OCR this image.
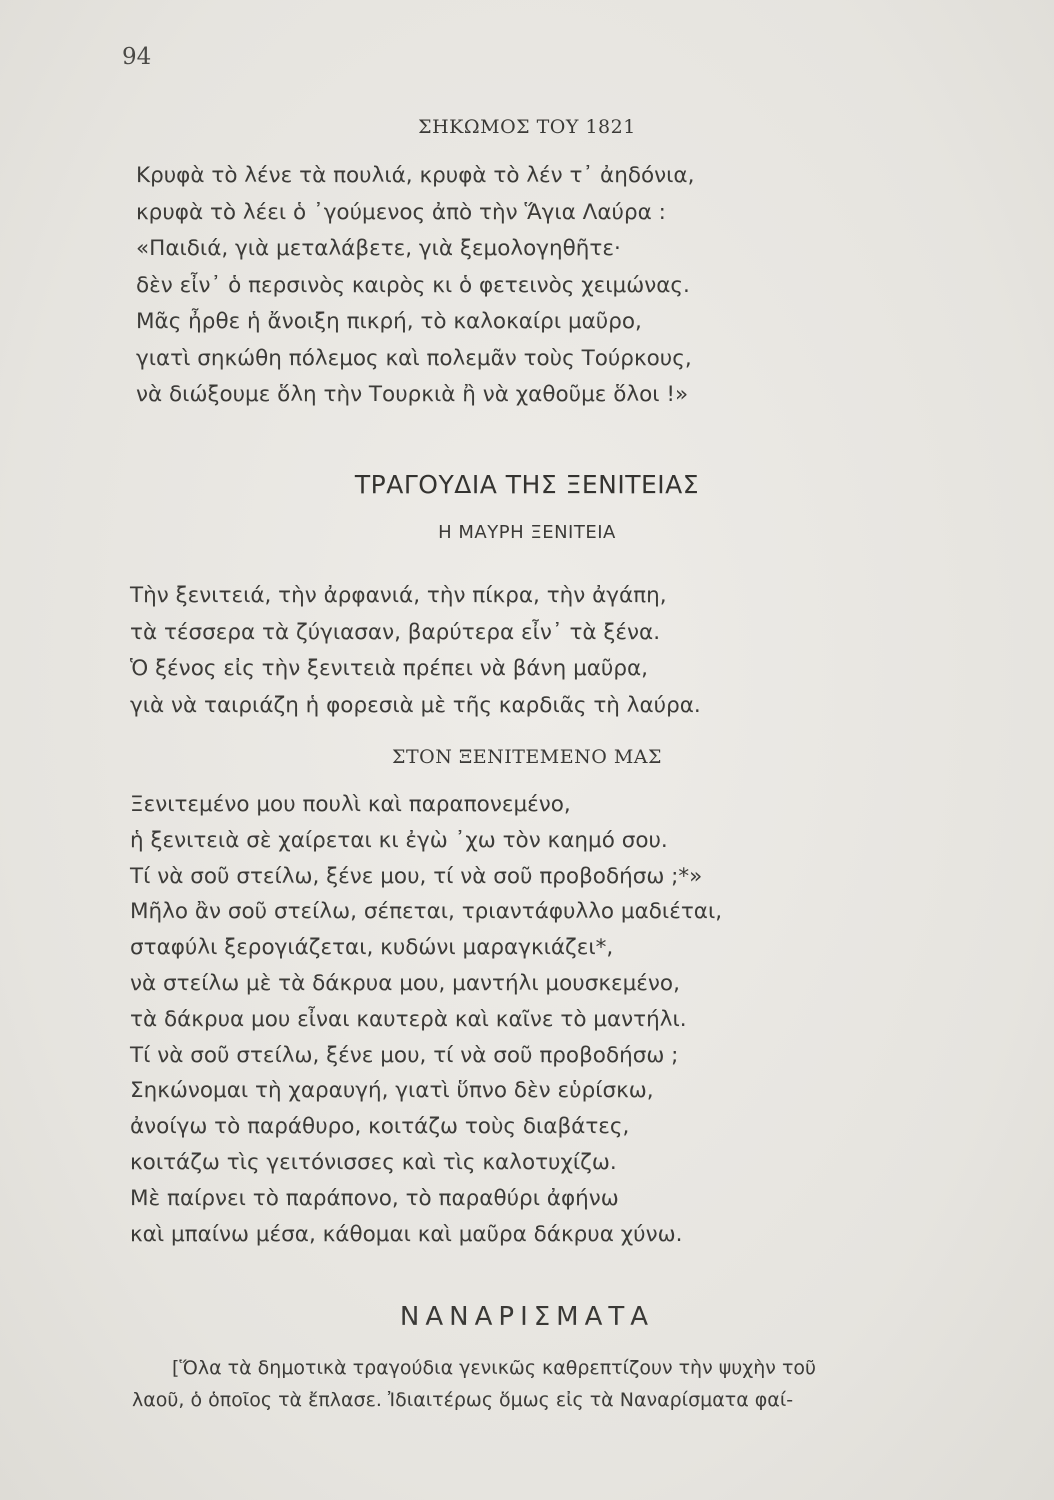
94
ΣΗΚΩΜΟΣ ΤΟΥ 1821
Κρυφὰ τὸ λένε τὰ πουλιά, κρυφὰ τὸ λέν τ᾽ ἀηδόνια,
κρυφὰ τὸ λέει ὁ ᾽γούμενος ἀπὸ τὴν Ἅγια Λαύρα :
«Παιδιά, γιὰ μεταλάβετε, γιὰ ξεμολογηθῆτε·
δὲν εἶν᾽ ὁ περσινὸς καιρὸς κι ὁ φετεινὸς χειμώνας.
Μᾶς ἦρθε ἡ ἄνοιξη πικρή, τὸ καλοκαίρι μαῦρο,
γιατὶ σηκώθη πόλεμος καὶ πολεμᾶν τοὺς Τούρκους,
νὰ διώξουμε ὅλη τὴν Τουρκιὰ ἢ νὰ χαθοῦμε ὅλοι !»
ΤΡΑΓΟΥΔΙΑ ΤΗΣ ΞΕΝΙΤΕΙΑΣ
Η ΜΑΥΡΗ ΞΕΝΙΤΕΙΑ
Τὴν ξενιτειά, τὴν ἀρφανιά, τὴν πίκρα, τὴν ἀγάπη,
τὰ τέσσερα τὰ ζύγιασαν, βαρύτερα εἶν᾽ τὰ ξένα.
Ὁ ξένος εἰς τὴν ξενιτειὰ πρέπει νὰ βάνη μαῦρα,
γιὰ νὰ ταιριάζη ἡ φορεσιὰ μὲ τῆς καρδιᾶς τὴ λαύρα.
ΣΤΟΝ ΞΕΝΙΤΕΜΕΝΟ ΜΑΣ
Ξενιτεμένο μου πουλὶ καὶ παραπονεμένο,
ἡ ξενιτειὰ σὲ χαίρεται κι ἐγὼ ᾽χω τὸν καημό σου.
Τί νὰ σοῦ στείλω, ξένε μου, τί νὰ σοῦ προβοδήσω ;*»
Μῆλο ἂν σοῦ στείλω, σέπεται, τριαντάφυλλο μαδιέται,
σταφύλι ξερογιάζεται, κυδώνι μαραγκιάζει*,
νὰ στείλω μὲ τὰ δάκρυα μου, μαντήλι μουσκεμένο,
τὰ δάκρυα μου εἶναι καυτερὰ καὶ καῖνε τὸ μαντήλι.
Τί νὰ σοῦ στείλω, ξένε μου, τί νὰ σοῦ προβοδήσω ;
Σηκώνομαι τὴ χαραυγή, γιατὶ ὕπνο δὲν εὑρίσκω,
ἀνοίγω τὸ παράθυρο, κοιτάζω τοὺς διαβάτες,
κοιτάζω τὶς γειτόνισσες καὶ τὶς καλοτυχίζω.
Μὲ παίρνει τὸ παράπονο, τὸ παραθύρι ἀφήνω
καὶ μπαίνω μέσα, κάθομαι καὶ μαῦρα δάκρυα χύνω.
ΝΑΝΑΡΙΣΜΑΤΑ
[Ὅλα τὰ δημοτικὰ τραγούδια γενικῶς καθρεπτίζουν τὴν ψυχὴν τοῦ
λαοῦ, ὁ ὁποῖος τὰ ἔπλασε. Ἰδιαιτέρως ὅμως εἰς τὰ Ναναρίσματα φαί-
